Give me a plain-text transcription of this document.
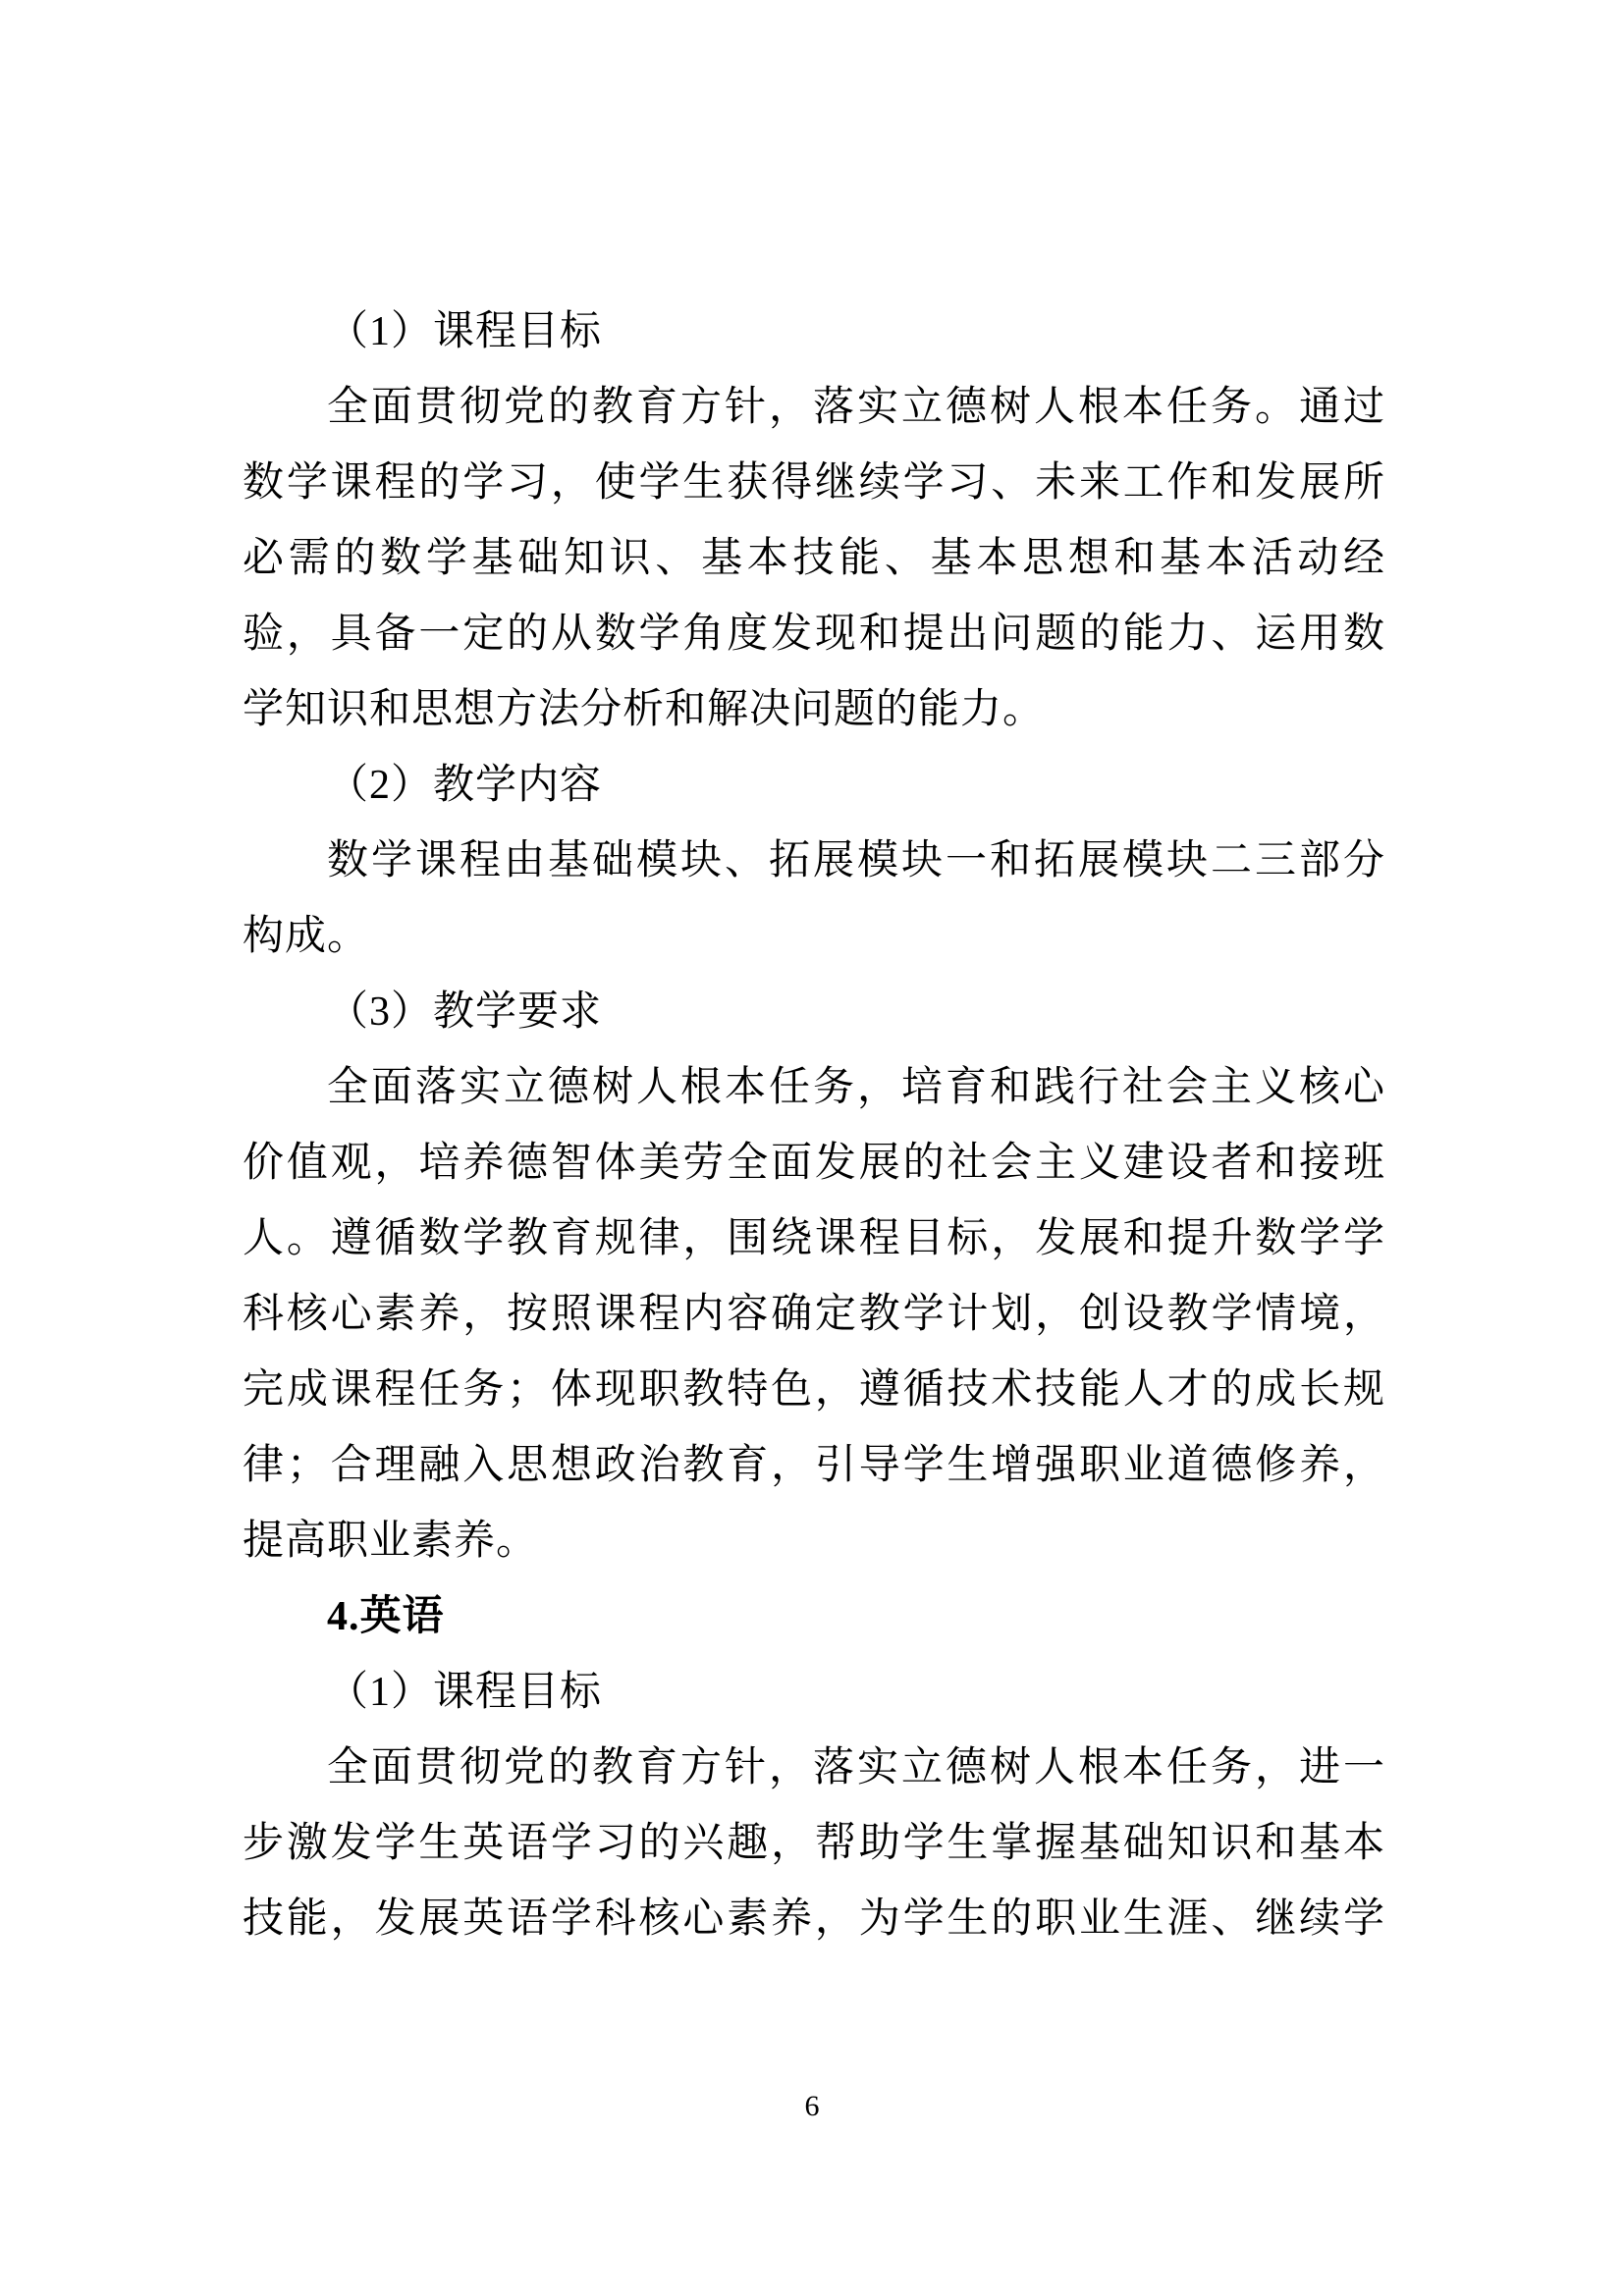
（1）课程目标
全面贯彻党的教育方针，落实立德树人根本任务。通过
数学课程的学习，使学生获得继续学习、未来工作和发展所
必需的数学基础知识、基本技能、基本思想和基本活动经
验，具备一定的从数学角度发现和提出问题的能力、运用数
学知识和思想方法分析和解决问题的能力。
（2）教学内容
数学课程由基础模块、拓展模块一和拓展模块二三部分
构成。
（3）教学要求
全面落实立德树人根本任务，培育和践行社会主义核心
价值观，培养德智体美劳全面发展的社会主义建设者和接班
人。遵循数学教育规律，围绕课程目标，发展和提升数学学
科核心素养，按照课程内容确定教学计划，创设教学情境，
完成课程任务；体现职教特色，遵循技术技能人才的成长规
律；合理融入思想政治教育，引导学生增强职业道德修养，
提高职业素养。
4.英语
（1）课程目标
全面贯彻党的教育方针，落实立德树人根本任务，进一
步激发学生英语学习的兴趣，帮助学生掌握基础知识和基本
技能，发展英语学科核心素养，为学生的职业生涯、继续学
6
